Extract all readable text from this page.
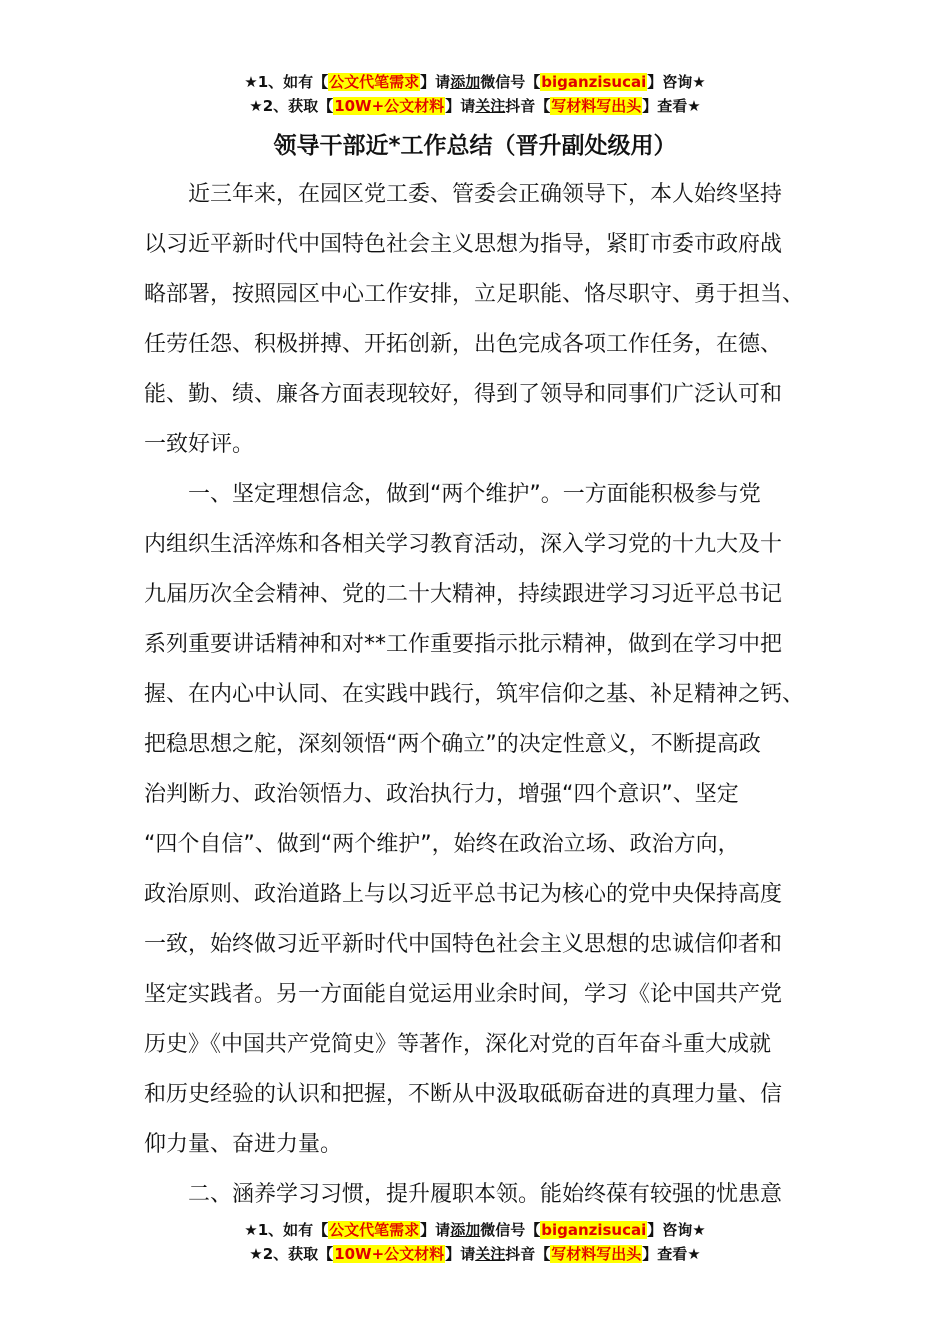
★1、如有【公文代笔需求】请添加微信号【biganzisucai】咨询★
★2、获取【10W+公文材料】请关注抖音【写材料写出头】查看★
领导干部近*工作总结（晋升副处级用）
近三年来，在园区党工委、管委会正确领导下，本人始终坚持
以习近平新时代中国特色社会主义思想为指导，紧盯市委市政府战
略部署，按照园区中心工作安排，立足职能、恪尽职守、勇于担当、
任劳任怨、积极拼搏、开拓创新，出色完成各项工作任务，在德、
能、勤、绩、廉各方面表现较好，得到了领导和同事们广泛认可和
一致好评。
一、坚定理想信念，做到“两个维护”。一方面能积极参与党
内组织生活淬炼和各相关学习教育活动，深入学习党的十九大及十
九届历次全会精神、党的二十大精神，持续跟进学习习近平总书记
系列重要讲话精神和对**工作重要指示批示精神，做到在学习中把
握、在内心中认同、在实践中践行，筑牢信仰之基、补足精神之钙、
把稳思想之舵，深刻领悟“两个确立”的决定性意义，不断提高政
治判断力、政治领悟力、政治执行力，增强“四个意识”、坚定
“四个自信”、做到“两个维护”，始终在政治立场、政治方向，
政治原则、政治道路上与以习近平总书记为核心的党中央保持高度
一致，始终做习近平新时代中国特色社会主义思想的忠诚信仰者和
坚定实践者。另一方面能自觉运用业余时间，学习《论中国共产党
历史》《中国共产党简史》等著作，深化对党的百年奋斗重大成就
和历史经验的认识和把握，不断从中汲取砥砺奋进的真理力量、信
仰力量、奋进力量。
二、涵养学习习惯，提升履职本领。能始终葆有较强的忧患意
★1、如有【公文代笔需求】请添加微信号【biganzisucai】咨询★
★2、获取【10W+公文材料】请关注抖音【写材料写出头】查看★
